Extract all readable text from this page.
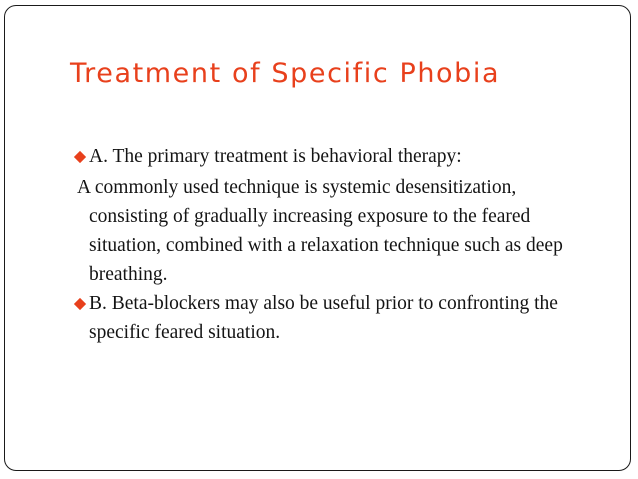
Treatment of Specific Phobia
A. The primary treatment is behavioral therapy:
A commonly used technique is systemic desensitization,
consisting of gradually increasing exposure to the feared
situation, combined with a relaxation technique such as deep
breathing.
B. Beta-blockers may also be useful prior to confronting the
specific feared situation.
